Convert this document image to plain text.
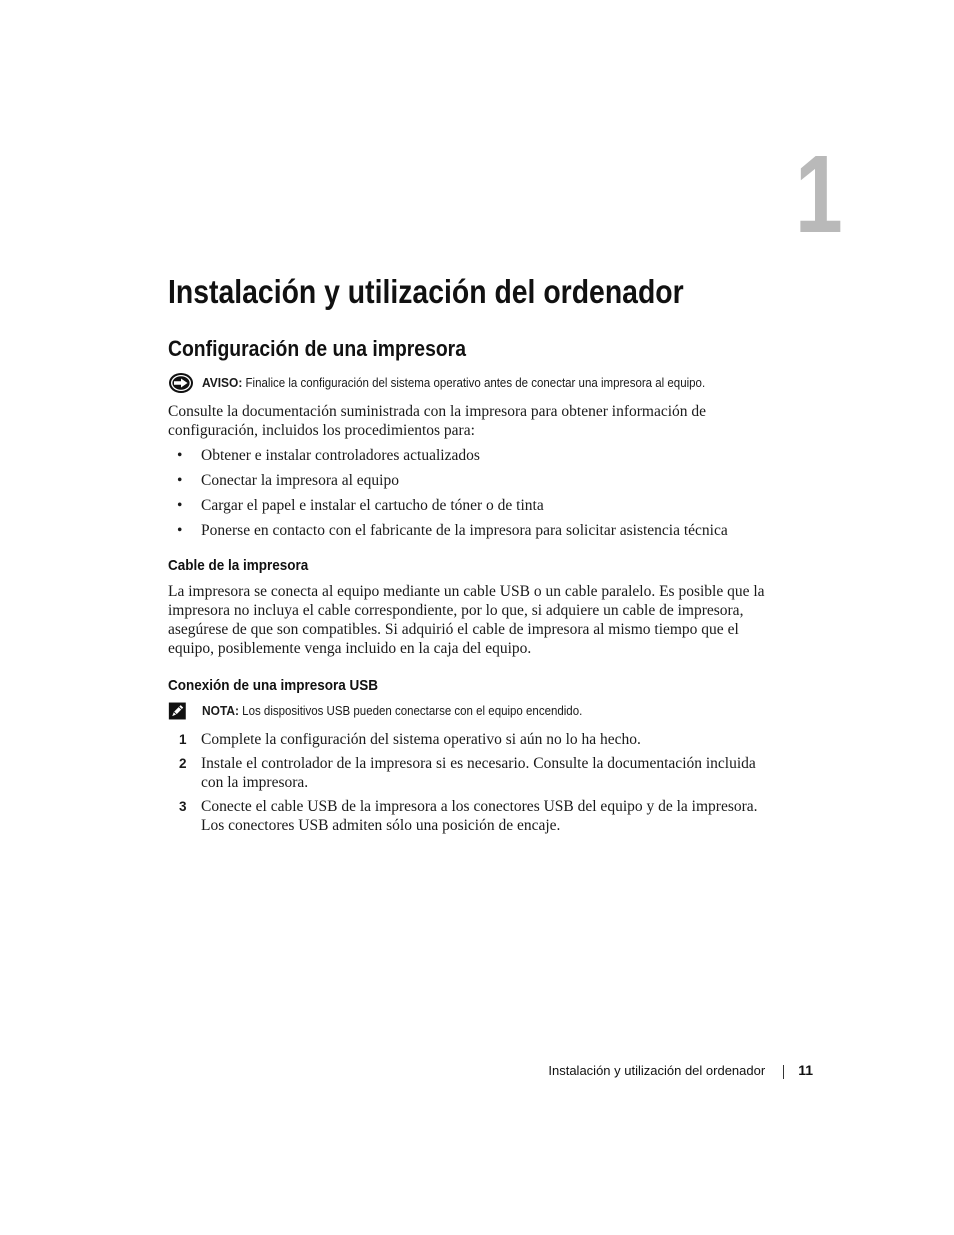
1
Instalación y utilización del ordenador
Configuración de una impresora
AVISO: Finalice la configuración del sistema operativo antes de conectar una impresora al equipo.

Consulte la documentación suministrada con la impresora para obtener información de configuración, incluidos los procedimientos para:

• Obtener e instalar controladores actualizados
• Conectar la impresora al equipo
• Cargar el papel e instalar el cartucho de tóner o de tinta
• Ponerse en contacto con el fabricante de la impresora para solicitar asistencia técnica
Cable de la impresora

La impresora se conecta al equipo mediante un cable USB o un cable paralelo. Es posible que la impresora no incluya el cable correspondiente, por lo que, si adquiere un cable de impresora, asegúrese de que son compatibles. Si adquirió el cable de impresora al mismo tiempo que el equipo, posiblemente venga incluido en la caja del equipo.

Conexión de una impresora USB
NOTA: Los dispositivos USB pueden conectarse con el equipo encendido.
1 Complete la configuración del sistema operativo si aún no lo ha hecho.
2 Instale el controlador de la impresora si es necesario. Consulte la documentación incluida con la impresora.
3 Conecte el cable USB de la impresora a los conectores USB del equipo y de la impresora. Los conectores USB admiten sólo una posición de encaje.
Instalación y utilización del ordenador 11
